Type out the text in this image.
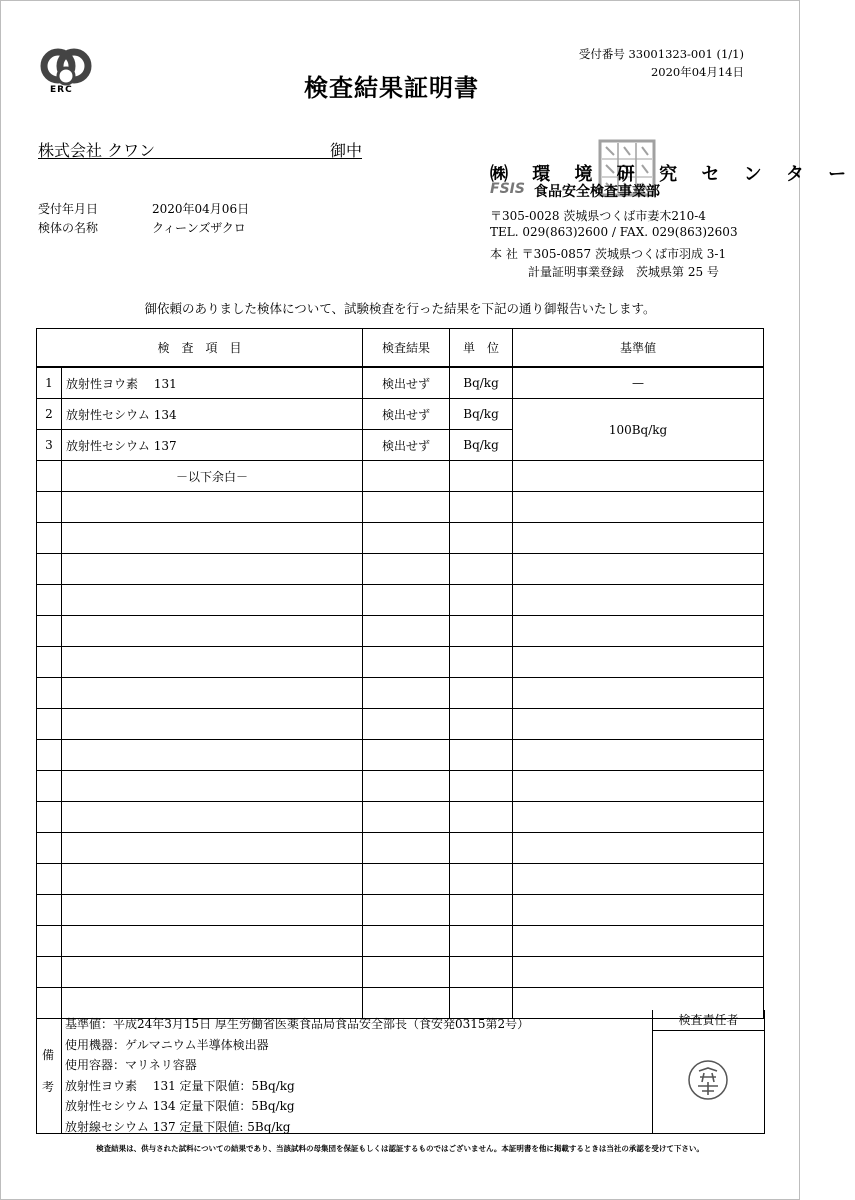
ERC	検査結果証明書
受付番号 33001323-001 (1/1)
2020年04月14日
株式会社 クワン	御中
受付年月日	2020年04月06日
検体の名称	クィーンズザクロ
㈱ 環 境 研 究 セ ン タ ー
FSIS 食品安全検査事業部
〒305-0028 茨城県つくば市妻木210-4
TEL. 029(863)2600 / FAX. 029(863)2603
本 社 〒305-0857 茨城県つくば市羽成 3-1
計量証明事業登録　茨城県第 25 号
御依頼のありました検体について、試験検査を行った結果を下記の通り御報告いたします。
検　査　項　目		検査結果	単　位	基準値
1	放射性ヨウ素　 131	検出せず	Bq/kg	—
2	放射性セシウム 134	検出せず	Bq/kg	100Bq/kg
3	放射性セシウム 137	検出せず	Bq/kg	
	－以下余白－			

備
考
基準値：平成24年3月15日 厚生労働省医薬食品局食品安全部長（食安発0315第2号）
使用機器：ゲルマニウム半導体検出器
使用容器：マリネリ容器
放射性ヨウ素　 131 定量下限値：5Bq/kg
放射性セシウム 134 定量下限値：5Bq/kg
放射線セシウム 137 定量下限値: 5Bq/kg
検査責任者
検査結果は、供与された試料についての結果であり、当該試料の母集団を保証もしくは認証するものではございません。本証明書を他に掲載するときは当社の承認を受けて下さい。
